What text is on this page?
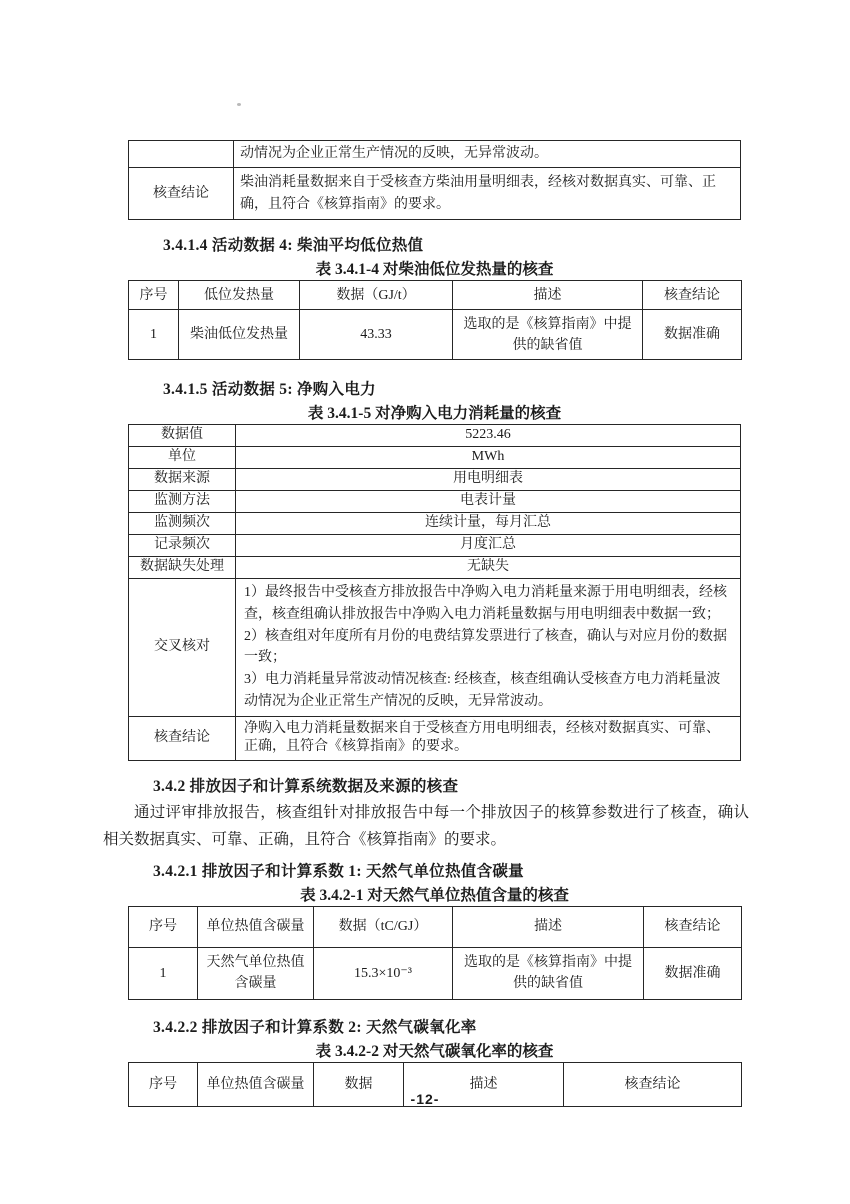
	动情况为企业正常生产情况的反映，无异常波动。
核查结论	柴油消耗量数据来自于受核查方柴油用量明细表，经核对数据真实、可靠、正确，且符合《核算指南》的要求。
3.4.1.4 活动数据 4: 柴油平均低位热值
表 3.4.1-4 对柴油低位发热量的核查
序号	低位发热量	数据（GJ/t）	描述	核查结论
1	柴油低位发热量	43.33	选取的是《核算指南》中提供的缺省值	数据准确
3.4.1.5 活动数据 5: 净购入电力
表 3.4.1-5 对净购入电力消耗量的核查
数据值	5223.46
单位	MWh
数据来源	用电明细表
监测方法	电表计量
监测频次	连续计量，每月汇总
记录频次	月度汇总
数据缺失处理	无缺失
交叉核对	1）最终报告中受核查方排放报告中净购入电力消耗量来源于用电明细表，经核查，核查组确认排放报告中净购入电力消耗量数据与用电明细表中数据一致；
2）核查组对年度所有月份的电费结算发票进行了核查，确认与对应月份的数据一致；
3）电力消耗量异常波动情况核查: 经核查，核查组确认受核查方电力消耗量波动情况为企业正常生产情况的反映，无异常波动。

核查结论	净购入电力消耗量数据来自于受核查方用电明细表，经核对数据真实、可靠、正确，且符合《核算指南》的要求。
3.4.2 排放因子和计算系统数据及来源的核查
通过评审排放报告，核查组针对排放报告中每一个排放因子的核算参数进行了核查，确认相关数据真实、可靠、正确，且符合《核算指南》的要求。
3.4.2.1 排放因子和计算系数 1: 天然气单位热值含碳量
表 3.4.2-1 对天然气单位热值含量的核查
序号	单位热值含碳量	数据（tC/GJ）	描述	核查结论
1	天然气单位热值含碳量	15.3×10⁻³	选取的是《核算指南》中提供的缺省值	数据准确
3.4.2.2 排放因子和计算系数 2: 天然气碳氧化率
表 3.4.2-2 对天然气碳氧化率的核查
序号	单位热值含碳量	数据	描述	核查结论
-12-
